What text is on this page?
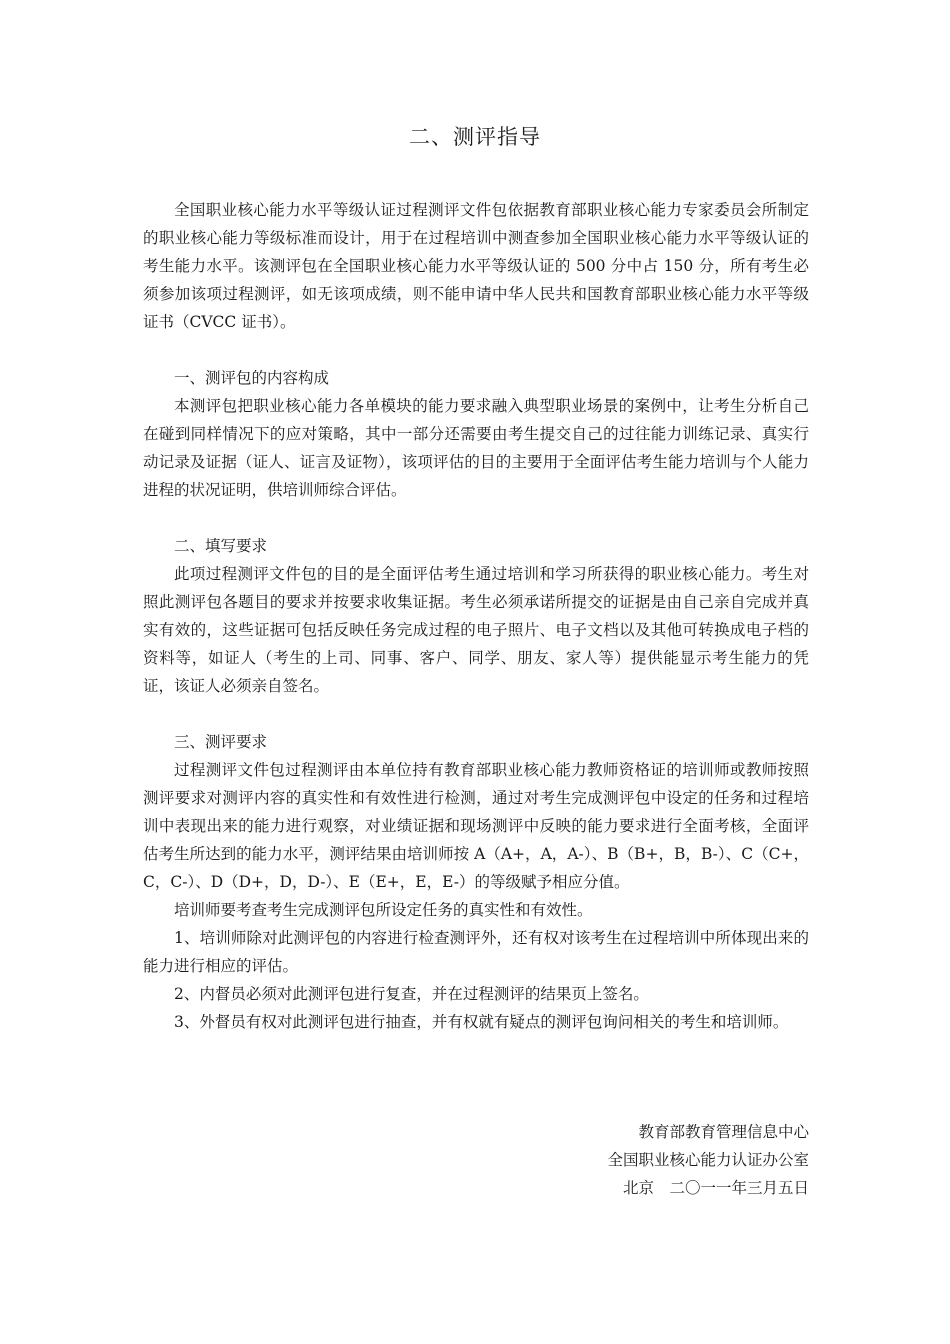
二、测评指导

全国职业核心能力水平等级认证过程测评文件包依据教育部职业核心能力专家委员会所制定的职业核心能力等级标准而设计，用于在过程培训中测查参加全国职业核心能力水平等级认证的考生能力水平。该测评包在全国职业核心能力水平等级认证的 500 分中占 150 分，所有考生必须参加该项过程测评，如无该项成绩，则不能申请中华人民共和国教育部职业核心能力水平等级证书（CVCC 证书）。

一、测评包的内容构成

本测评包把职业核心能力各单模块的能力要求融入典型职业场景的案例中，让考生分析自己在碰到同样情况下的应对策略，其中一部分还需要由考生提交自己的过往能力训练记录、真实行动记录及证据（证人、证言及证物），该项评估的目的主要用于全面评估考生能力培训与个人能力进程的状况证明，供培训师综合评估。

二、填写要求

此项过程测评文件包的目的是全面评估考生通过培训和学习所获得的职业核心能力。考生对照此测评包各题目的要求并按要求收集证据。考生必须承诺所提交的证据是由自己亲自完成并真实有效的，这些证据可包括反映任务完成过程的电子照片、电子文档以及其他可转换成电子档的资料等，如证人（考生的上司、同事、客户、同学、朋友、家人等）提供能显示考生能力的凭证，该证人必须亲自签名。

三、测评要求

过程测评文件包过程测评由本单位持有教育部职业核心能力教师资格证的培训师或教师按照测评要求对测评内容的真实性和有效性进行检测，通过对考生完成测评包中设定的任务和过程培训中表现出来的能力进行观察，对业绩证据和现场测评中反映的能力要求进行全面考核，全面评估考生所达到的能力水平，测评结果由培训师按 A（A+，A，A-）、B（B+，B，B-）、C（C+，C，C-）、D（D+，D，D-）、E（E+，E，E-）的等级赋予相应分值。

培训师要考查考生完成测评包所设定任务的真实性和有效性。

1、培训师除对此测评包的内容进行检查测评外，还有权对该考生在过程培训中所体现出来的能力进行相应的评估。

2、内督员必须对此测评包进行复查，并在过程测评的结果页上签名。

3、外督员有权对此测评包进行抽查，并有权就有疑点的测评包询问相关的考生和培训师。

教育部教育管理信息中心
全国职业核心能力认证办公室
北京　二〇一一年三月五日
